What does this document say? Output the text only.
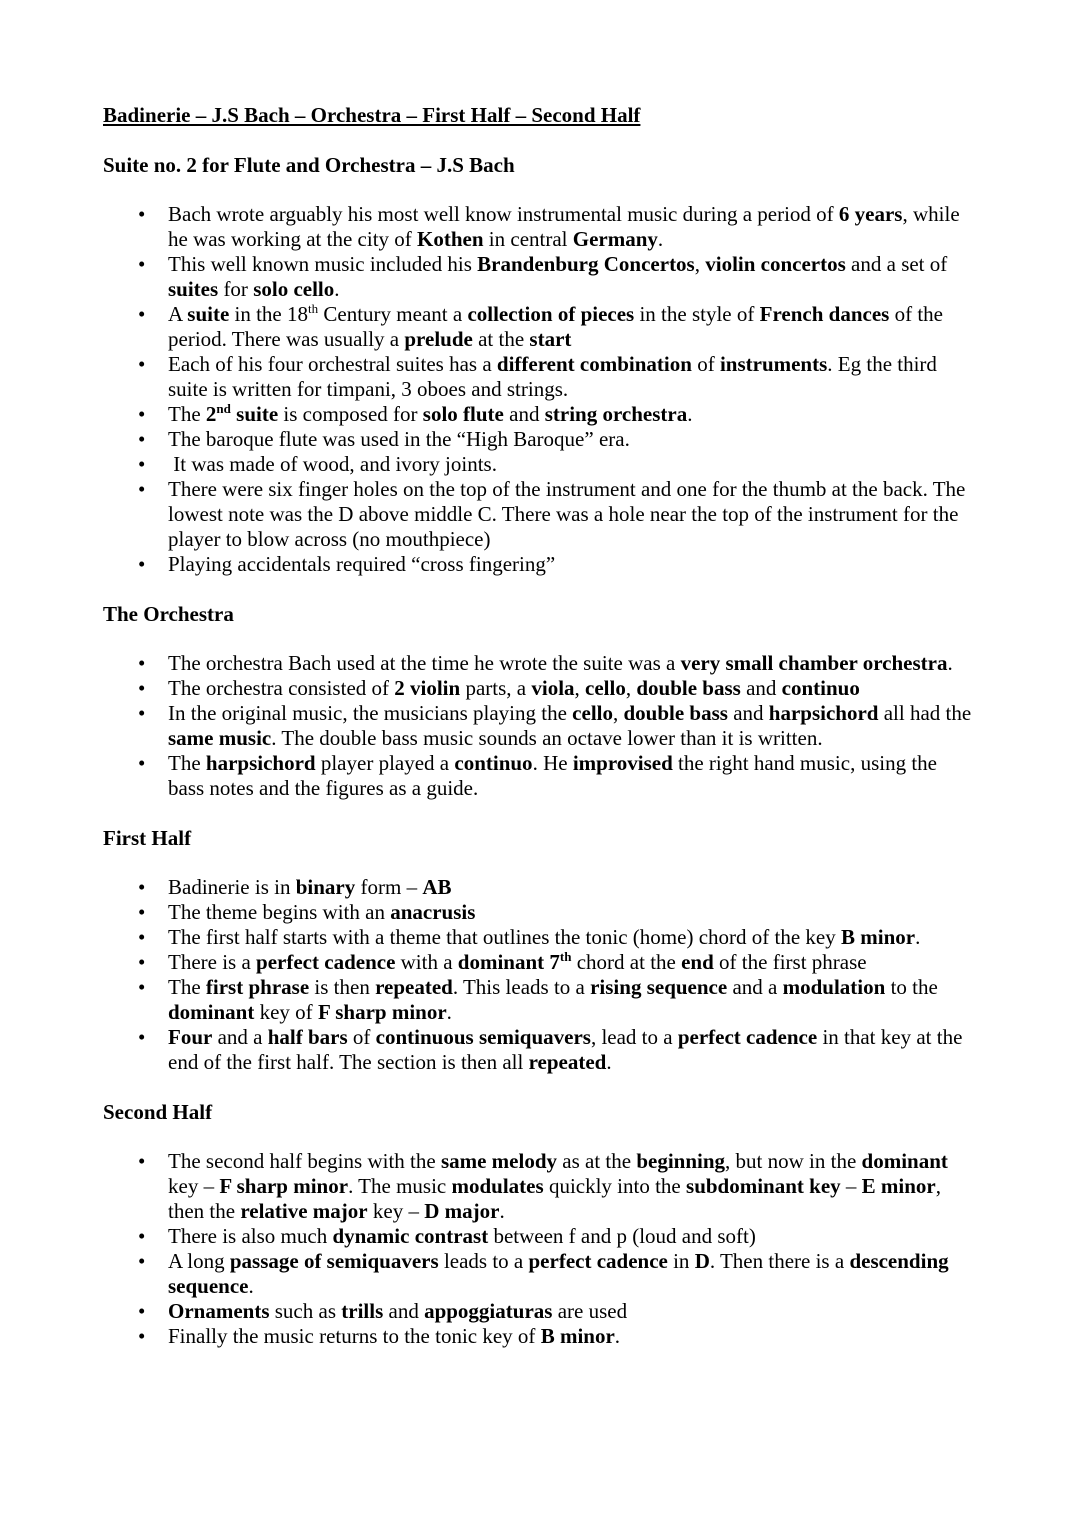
Badinerie – J.S Bach – Orchestra – First Half – Second Half
Suite no. 2 for Flute and Orchestra – J.S Bach
• Bach wrote arguably his most well know instrumental music during a period of 6 years, while he was working at the city of Kothen in central Germany.
• This well known music included his Brandenburg Concertos, violin concertos and a set of suites for solo cello.
• A suite in the 18th Century meant a collection of pieces in the style of French dances of the period. There was usually a prelude at the start
• Each of his four orchestral suites has a different combination of instruments. Eg the third suite is written for timpani, 3 oboes and strings.
• The 2nd suite is composed for solo flute and string orchestra.
• The baroque flute was used in the “High Baroque” era.
•  It was made of wood, and ivory joints.
• There were six finger holes on the top of the instrument and one for the thumb at the back. The lowest note was the D above middle C. There was a hole near the top of the instrument for the player to blow across (no mouthpiece)
• Playing accidentals required “cross fingering”
The Orchestra
• The orchestra Bach used at the time he wrote the suite was a very small chamber orchestra.
• The orchestra consisted of 2 violin parts, a viola, cello, double bass and continuo
• In the original music, the musicians playing the cello, double bass and harpsichord all had the same music. The double bass music sounds an octave lower than it is written.
• The harpsichord player played a continuo. He improvised the right hand music, using the bass notes and the figures as a guide.
First Half
• Badinerie is in binary form – AB
• The theme begins with an anacrusis
• The first half starts with a theme that outlines the tonic (home) chord of the key B minor.
• There is a perfect cadence with a dominant 7th chord at the end of the first phrase
• The first phrase is then repeated. This leads to a rising sequence and a modulation to the dominant key of F sharp minor.
• Four and a half bars of continuous semiquavers, lead to a perfect cadence in that key at the end of the first half. The section is then all repeated.
Second Half
• The second half begins with the same melody as at the beginning, but now in the dominant key – F sharp minor. The music modulates quickly into the subdominant key – E minor, then the relative major key – D major.
• There is also much dynamic contrast between f and p (loud and soft)
• A long passage of semiquavers leads to a perfect cadence in D. Then there is a descending sequence.
• Ornaments such as trills and appoggiaturas are used
• Finally the music returns to the tonic key of B minor.
